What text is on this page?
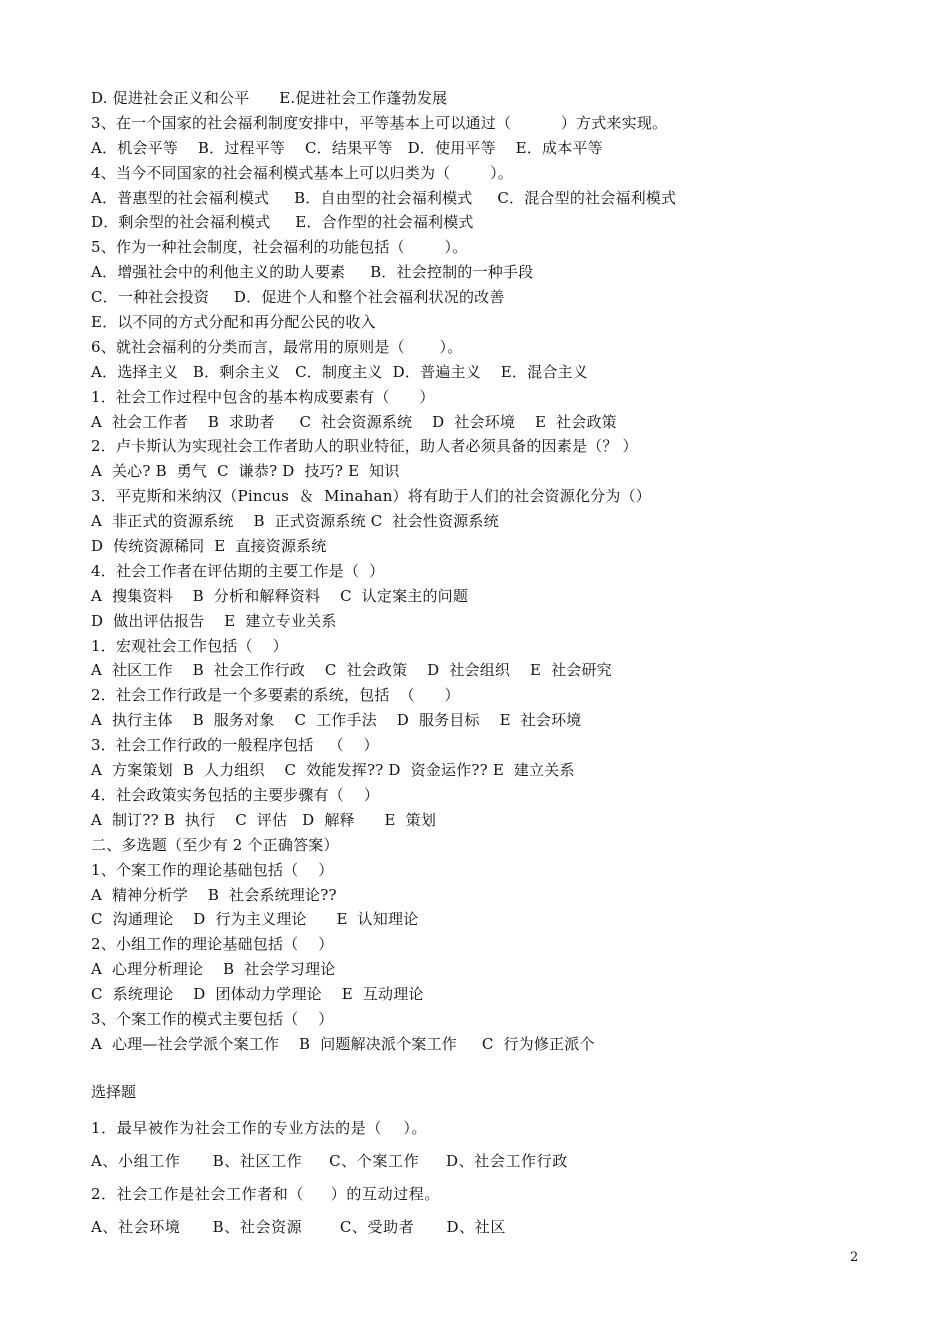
D. 促进社会正义和公平      E.促进社会工作蓬勃发展
3、在一个国家的社会福利制度安排中，平等基本上可以通过（          ）方式来实现。
A．机会平等    B．过程平等    C．结果平等   D．使用平等    E．成本平等
4、当今不同国家的社会福利模式基本上可以归类为（        ）。
A．普惠型的社会福利模式     B．自由型的社会福利模式     C．混合型的社会福利模式
D．剩余型的社会福利模式     E．合作型的社会福利模式
5、作为一种社会制度，社会福利的功能包括（        ）。
A．增强社会中的利他主义的助人要素     B．社会控制的一种手段
C．一种社会投资     D．促进个人和整个社会福利状况的改善
E．以不同的方式分配和再分配公民的收入
6、就社会福利的分类而言，最常用的原则是（       ）。
A．选择主义   B．剩余主义   C．制度主义  D．普遍主义    E．混合主义
1．社会工作过程中包含的基本构成要素有（      ）
A  社会工作者    B  求助者     C  社会资源系统    D  社会环境    E  社会政策
2．卢卡斯认为实现社会工作者助人的职业特征，助人者必须具备的因素是（？ ）
A  关心? B  勇气  C  谦恭? D  技巧? E  知识
3．平克斯和米纳汉（Pincus  ＆  Minahan）将有助于人们的社会资源化分为（）
A  非正式的资源系统    B  正式资源系统 C  社会性资源系统
D  传统资源稀同  E  直接资源系统
4．社会工作者在评估期的主要工作是（  ）
A  搜集资料    B  分析和解释资料    C  认定案主的问题
D  做出评估报告    E  建立专业关系
1．宏观社会工作包括（    ）
A  社区工作    B  社会工作行政    C  社会政策    D  社会组织    E  社会研究
2．社会工作行政是一个多要素的系统，包括  （      ）
A  执行主体    B  服务对象    C  工作手法    D  服务目标    E  社会环境
3．社会工作行政的一般程序包括   （    ）
A  方案策划  B  人力组织    C  效能发挥?? D  资金运作?? E  建立关系
4．社会政策实务包括的主要步骤有（    ）
A  制订?? B  执行    C  评估   D  解释      E  策划
二、多选题（至少有 2 个正确答案）
1、个案工作的理论基础包括（    ）
A  精神分析学    B  社会系统理论??
C  沟通理论    D  行为主义理论      E  认知理论
2、小组工作的理论基础包括（    ）
A  心理分析理论    B  社会学习理论
C  系统理论    D  团体动力学理论    E  互动理论
3、个案工作的模式主要包括（    ）
A  心理—社会学派个案工作    B  问题解决派个案工作     C  行为修正派个
选择题
1．最早被作为社会工作的专业方法的是（    ）。
A、小组工作      B、社区工作     C、个案工作     D、社会工作行政
2．社会工作是社会工作者和（     ）的互动过程。
A、社会环境      B、社会资源       C、受助者      D、社区
2
